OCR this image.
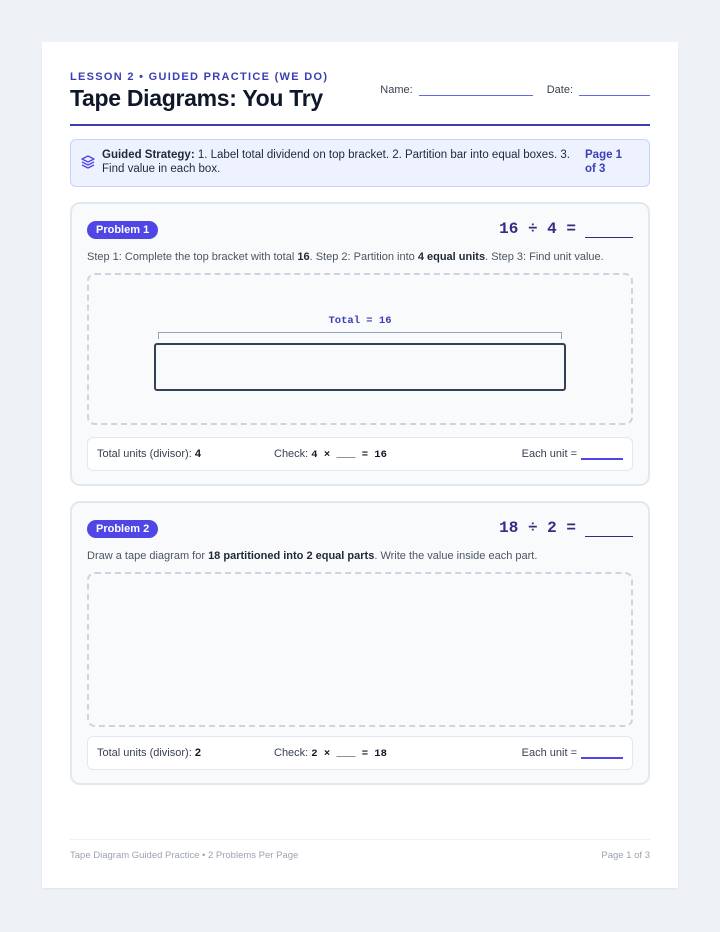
LESSON 2 • GUIDED PRACTICE (WE DO)
Tape Diagrams: You Try	Name:	Date:
Guided Strategy: 1. Label total dividend on top bracket. 2. Partition bar into equal boxes. 3. Find value in each box.
Page 1 of 3
Problem 1	16
÷
4
=
Step 1: Complete the top bracket with total 16. Step 2: Partition into 4 equal units. Step 3: Find unit value.
Total = 16
Total units (divisor): 4	Check: 4 × ___ = 16	Each unit =
Problem 2	18
÷
2
=
Draw a tape diagram for 18 partitioned into 2 equal parts. Write the value inside each part.
Total units (divisor): 2	Check: 2 × ___ = 18	Each unit =
Tape Diagram Guided Practice • 2 Problems Per Page	Page 1 of 3
